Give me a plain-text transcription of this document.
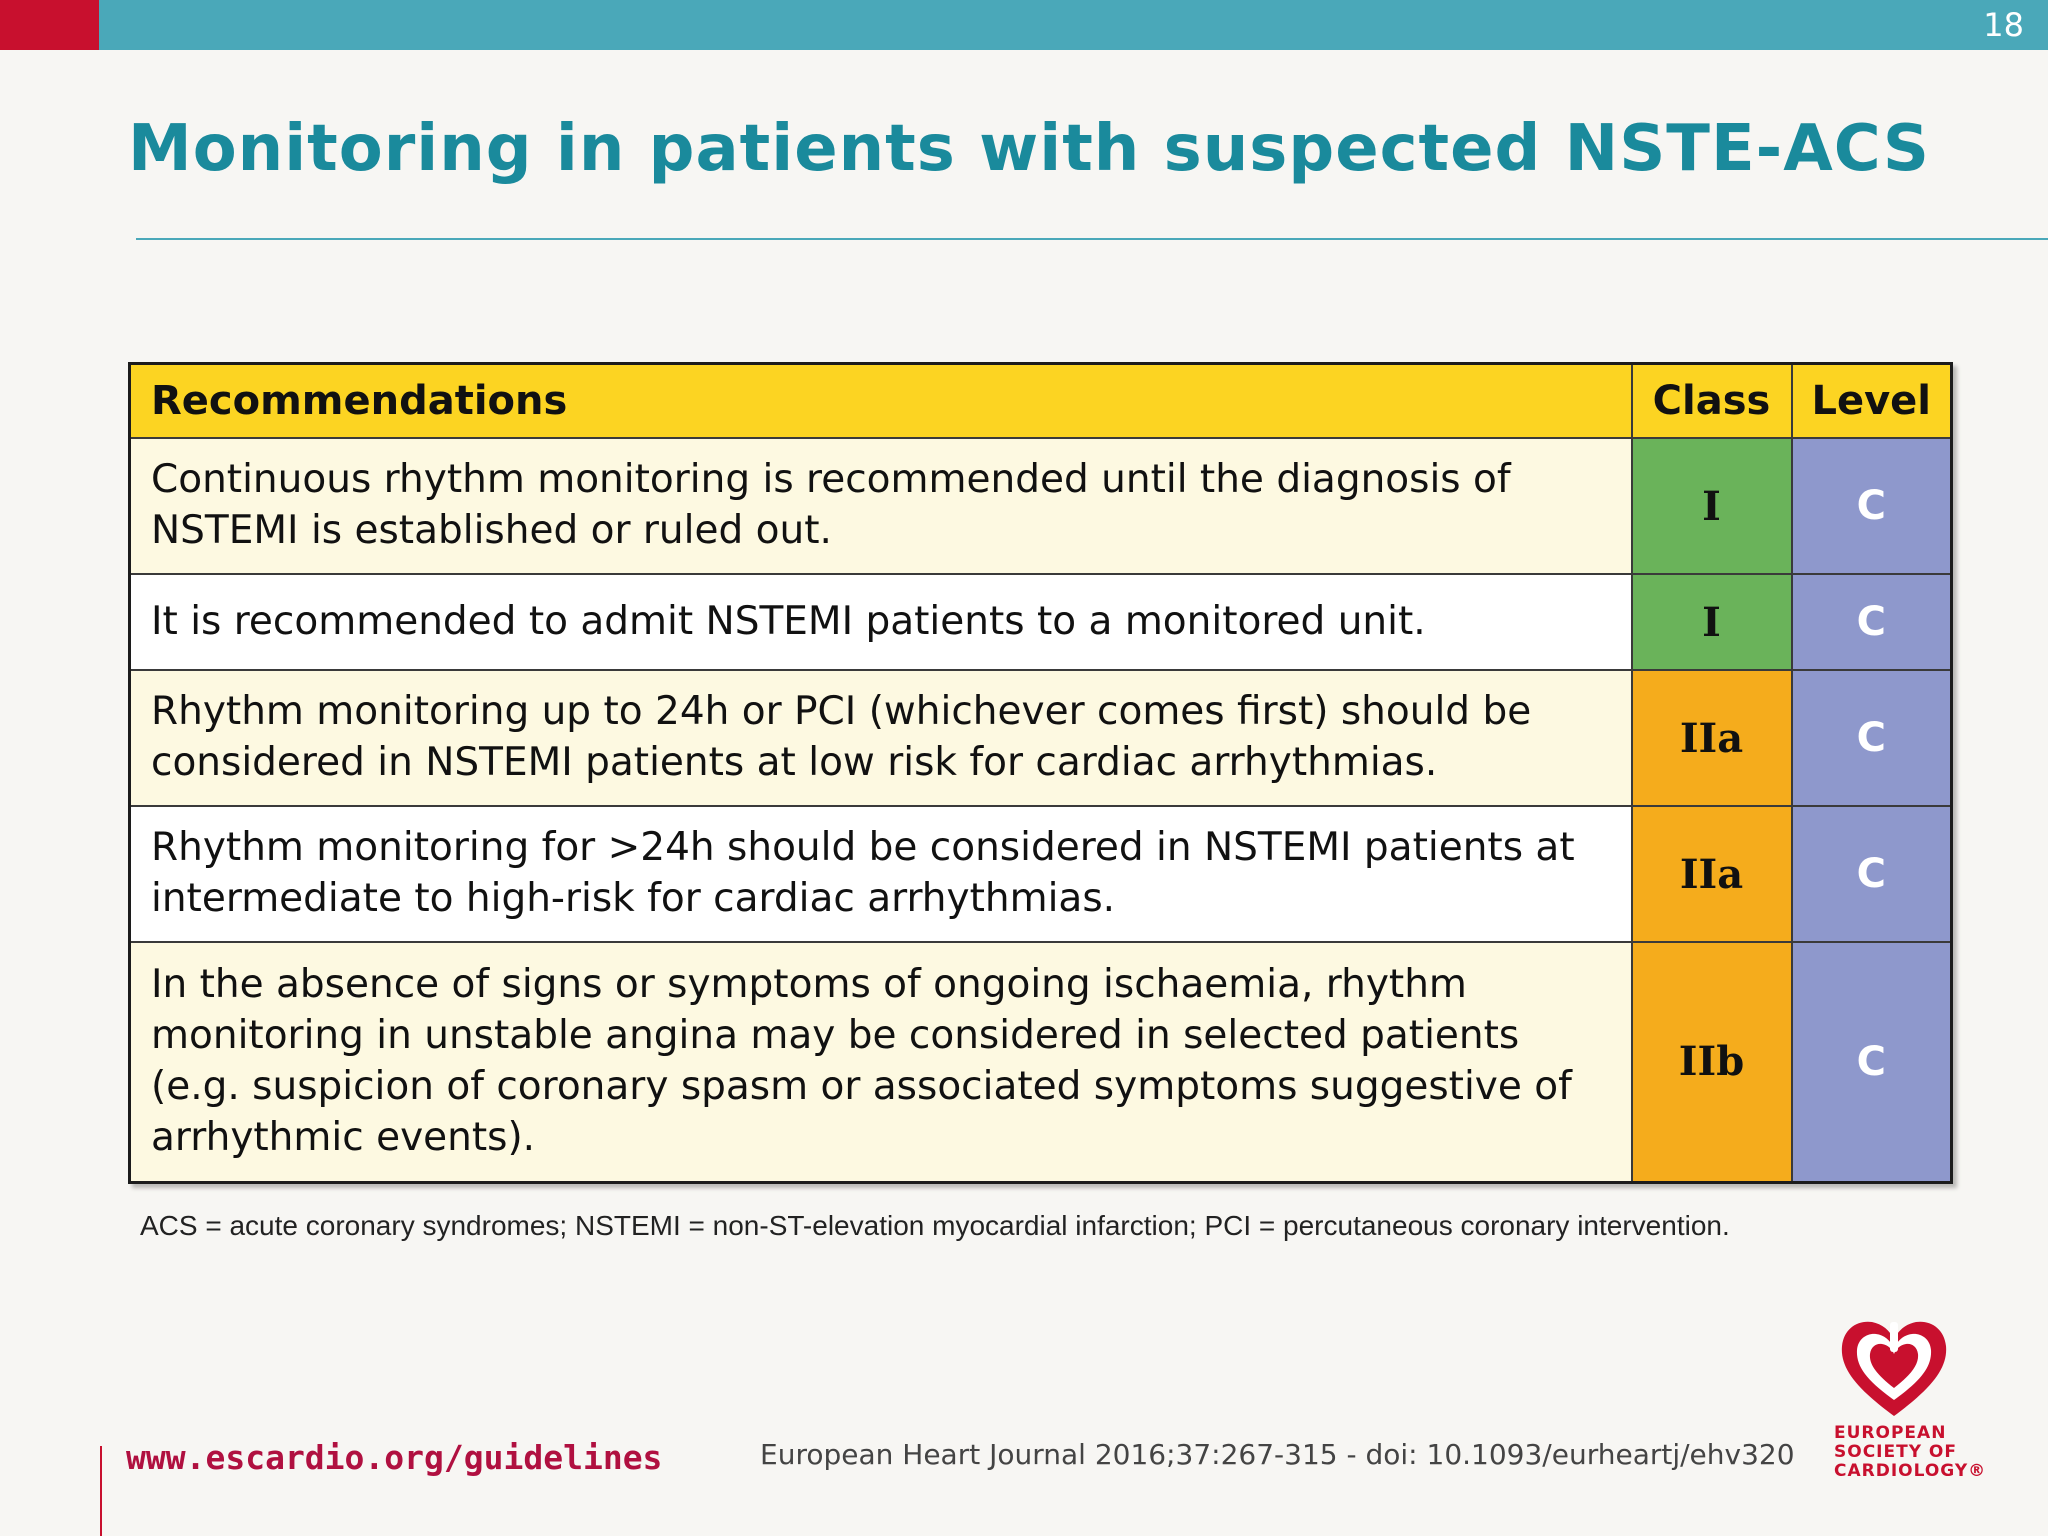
18
Monitoring in patients with suspected NSTE-ACS
Recommendations	Class	Level
Continuous rhythm monitoring is recommended until the diagnosis of NSTEMI is established or ruled out.	I	C
It is recommended to admit NSTEMI patients to a monitored unit.	I	C
Rhythm monitoring up to 24h or PCI (whichever comes first) should be considered in NSTEMI patients at low risk for cardiac arrhythmias.	IIa	C
Rhythm monitoring for >24h should be considered in NSTEMI patients at intermediate to high-risk for cardiac arrhythmias.	IIa	C
In the absence of signs or symptoms of ongoing ischaemia, rhythm monitoring in unstable angina may be considered in selected patients (e.g. suspicion of coronary spasm or associated symptoms suggestive of arrhythmic events).	IIb	C

ACS = acute coronary syndromes; NSTEMI = non-ST-elevation myocardial infarction; PCI = percutaneous coronary intervention.

www.escardio.org/guidelines	European Heart Journal 2016;37:267-315 - doi: 10.1093/eurheartj/ehv320
EUROPEAN
SOCIETY OF
CARDIOLOGY®
